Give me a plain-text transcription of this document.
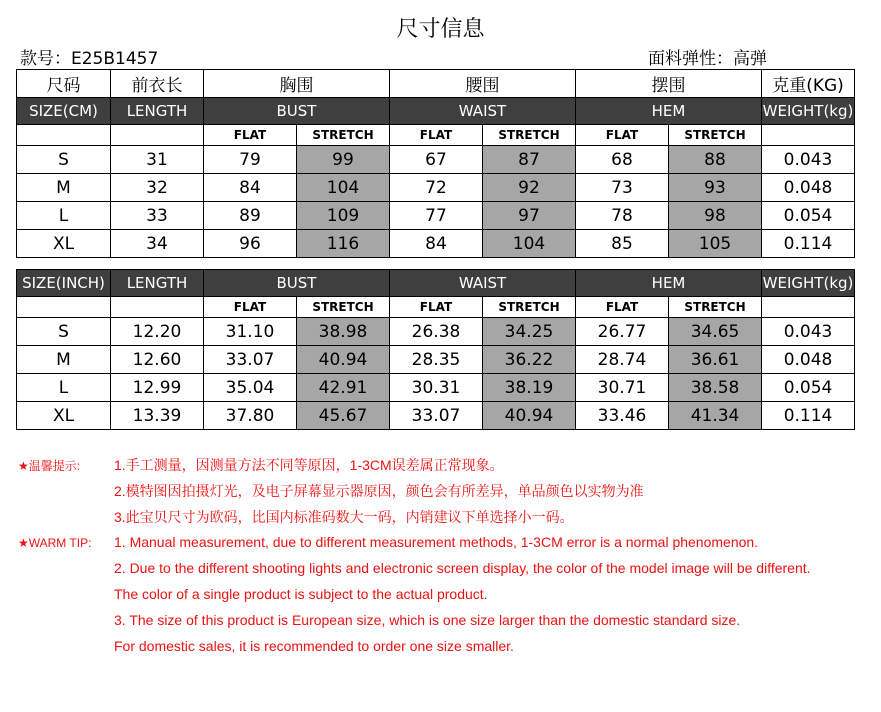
尺寸信息
款号：E25B1457	面料弹性：高弹
尺码	前衣长	胸围		腰围		摆围		克重(KG)
SIZE(CM)	LENGTH	BUST		WAIST		HEM		WEIGHT(kg)
		FLAT	STRETCH	FLAT	STRETCH	FLAT	STRETCH	
S	31	79	99	67	87	68	88	0.043
M	32	84	104	72	92	73	93	0.048
L	33	89	109	77	97	78	98	0.054
XL	34	96	116	84	104	85	105	0.114
SIZE(INCH)	LENGTH	BUST		WAIST		HEM		WEIGHT(kg)
		FLAT	STRETCH	FLAT	STRETCH	FLAT	STRETCH	
S	12.20	31.10	38.98	26.38	34.25	26.77	34.65	0.043
M	12.60	33.07	40.94	28.35	36.22	28.74	36.61	0.048
L	12.99	35.04	42.91	30.31	38.19	30.71	38.58	0.054
XL	13.39	37.80	45.67	33.07	40.94	33.46	41.34	0.114
★温馨提示: 1.手工测量，因测量方法不同等原因，1-3CM误差属正常现象。
2.模特图因拍摄灯光，及电子屏幕显示器原因，颜色会有所差异，单品颜色以实物为准
3.此宝贝尺寸为欧码，比国内标准码数大一码，内销建议下单选择小一码。
★WARM TIP: 1. Manual measurement, due to different measurement methods, 1-3CM error is a normal phenomenon.
2. Due to the different shooting lights and electronic screen display, the color of the model image will be different.
The color of a single product is subject to the actual product.
3. The size of this product is European size, which is one size larger than the domestic standard size.
For domestic sales, it is recommended to order one size smaller.
